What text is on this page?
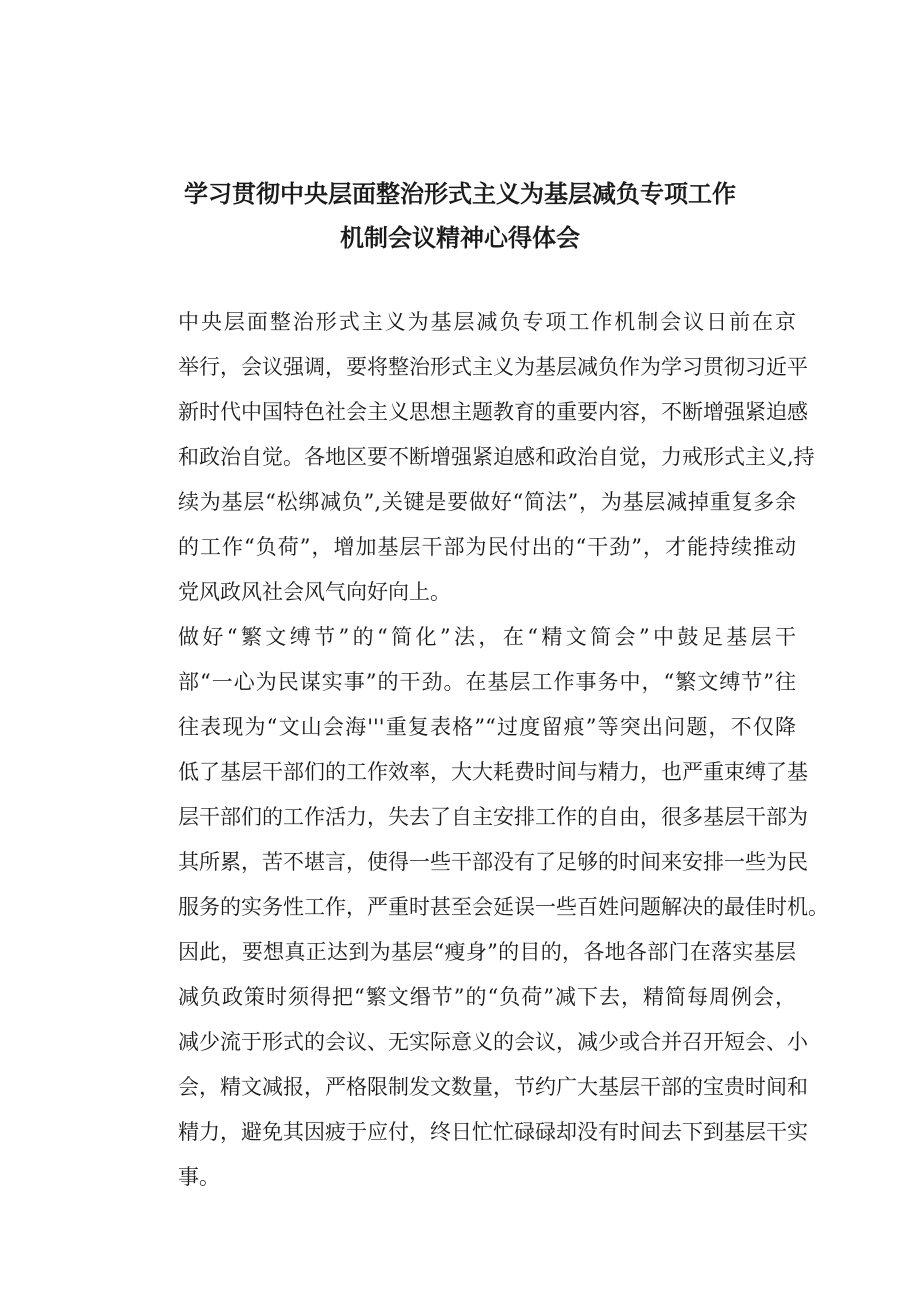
学习贯彻中央层面整治形式主义为基层减负专项工作
机制会议精神心得体会
中央层面整治形式主义为基层减负专项工作机制会议日前在京
举行，会议强调，要将整治形式主义为基层减负作为学习贯彻习近平
新时代中国特色社会主义思想主题教育的重要内容，不断增强紧迫感
和政治自觉。各地区要不断增强紧迫感和政治自觉，力戒形式主义,持
续为基层“松绑减负”,关键是要做好“简法”，为基层减掉重复多余
的工作“负荷”，增加基层干部为民付出的“干劲”，才能持续推动
党风政风社会风气向好向上。
做好“繁文缚节”的“简化”法，在“精文简会”中鼓足基层干
部“一心为民谋实事”的干劲。在基层工作事务中，“繁文缚节”往
往表现为“文山会海'''重复表格”“过度留痕”等突出问题，不仅降
低了基层干部们的工作效率，大大耗费时间与精力，也严重束缚了基
层干部们的工作活力，失去了自主安排工作的自由，很多基层干部为
其所累，苦不堪言，使得一些干部没有了足够的时间来安排一些为民
服务的实务性工作，严重时甚至会延误一些百姓问题解决的最佳时机。
因此，要想真正达到为基层“瘦身”的目的，各地各部门在落实基层
减负政策时须得把“繁文缗节”的“负荷”减下去，精简每周例会，
减少流于形式的会议、无实际意义的会议，减少或合并召开短会、小
会，精文减报，严格限制发文数量，节约广大基层干部的宝贵时间和
精力，避免其因疲于应付，终日忙忙碌碌却没有时间去下到基层干实
事。
